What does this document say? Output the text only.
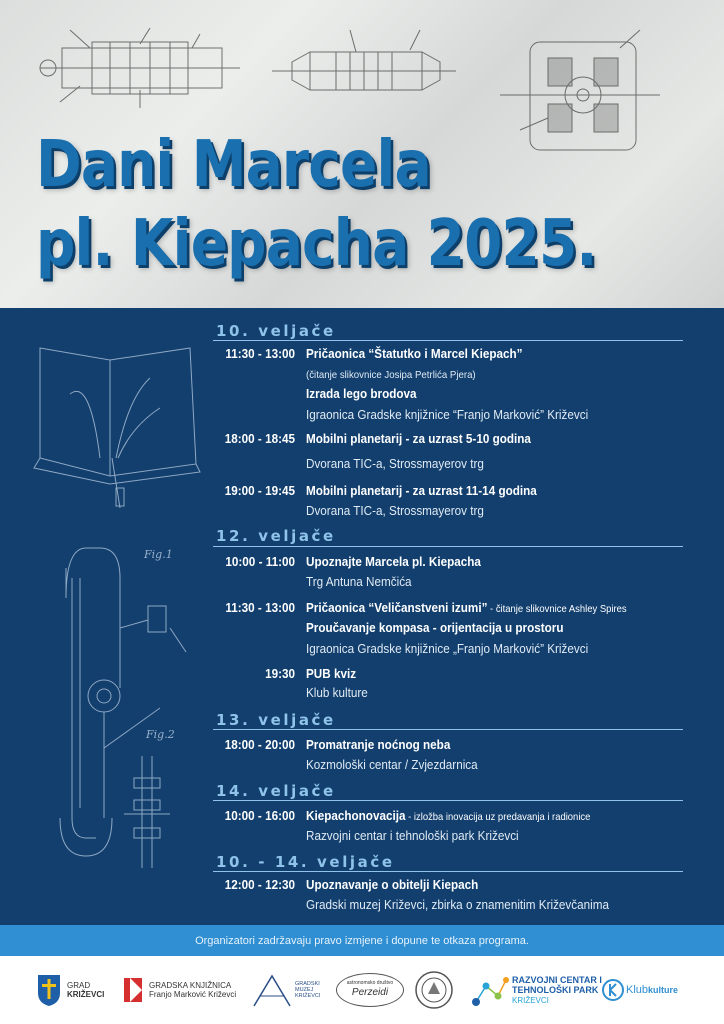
Dani Marcela
pl. Kiepacha 2025.
Fig.1
Fig.2
10. veljače
11:30 - 13:00 Pričaonica “Štatutko i Marcel Kiepach”
(čitanje slikovnice Josipa Petrlića Pjera)
Izrada lego brodova
Igraonica Gradske knjižnice “Franjo Marković” Križevci
18:00 - 18:45 Mobilni planetarij - za uzrast 5-10 godina
Dvorana TIC-a, Strossmayerov trg
19:00 - 19:45 Mobilni planetarij - za uzrast 11-14 godina
Dvorana TIC-a, Strossmayerov trg
12. veljače
10:00 - 11:00 Upoznajte Marcela pl. Kiepacha
Trg Antuna Nemčića
11:30 - 13:00 Pričaonica “Veličanstveni izumi” - čitanje slikovnice Ashley Spires
Proučavanje kompasa - orijentacija u prostoru
Igraonica Gradske knjižnice „Franjo Marković” Križevci
19:30 PUB kviz
Klub kulture
13. veljače
18:00 - 20:00 Promatranje noćnog neba
Kozmološki centar / Zvjezdarnica
14. veljače
10:00 - 16:00 Kiepachonovacija - izložba inovacija uz predavanja i radionice
Razvojni centar i tehnološki park Križevci
10. - 14. veljače
12:00 - 12:30 Upoznavanje o obitelji Kiepach
Gradski muzej Križevci, zbirka o znamenitim Križevčanima
Organizatori zadržavaju pravo izmjene i dopune te otkaza programa.
GRAD
KRIŽEVCI
GRADSKA KNJIŽNICA
Franjo Marković Križevci
GRADSKI
MUZEJ
KRIŽEVCI
astronomsko društvo
Perzeidi
RAZVOJNI CENTAR I
TEHNOLOŠKI PARK
KRIŽEVCI
Klubkulture
